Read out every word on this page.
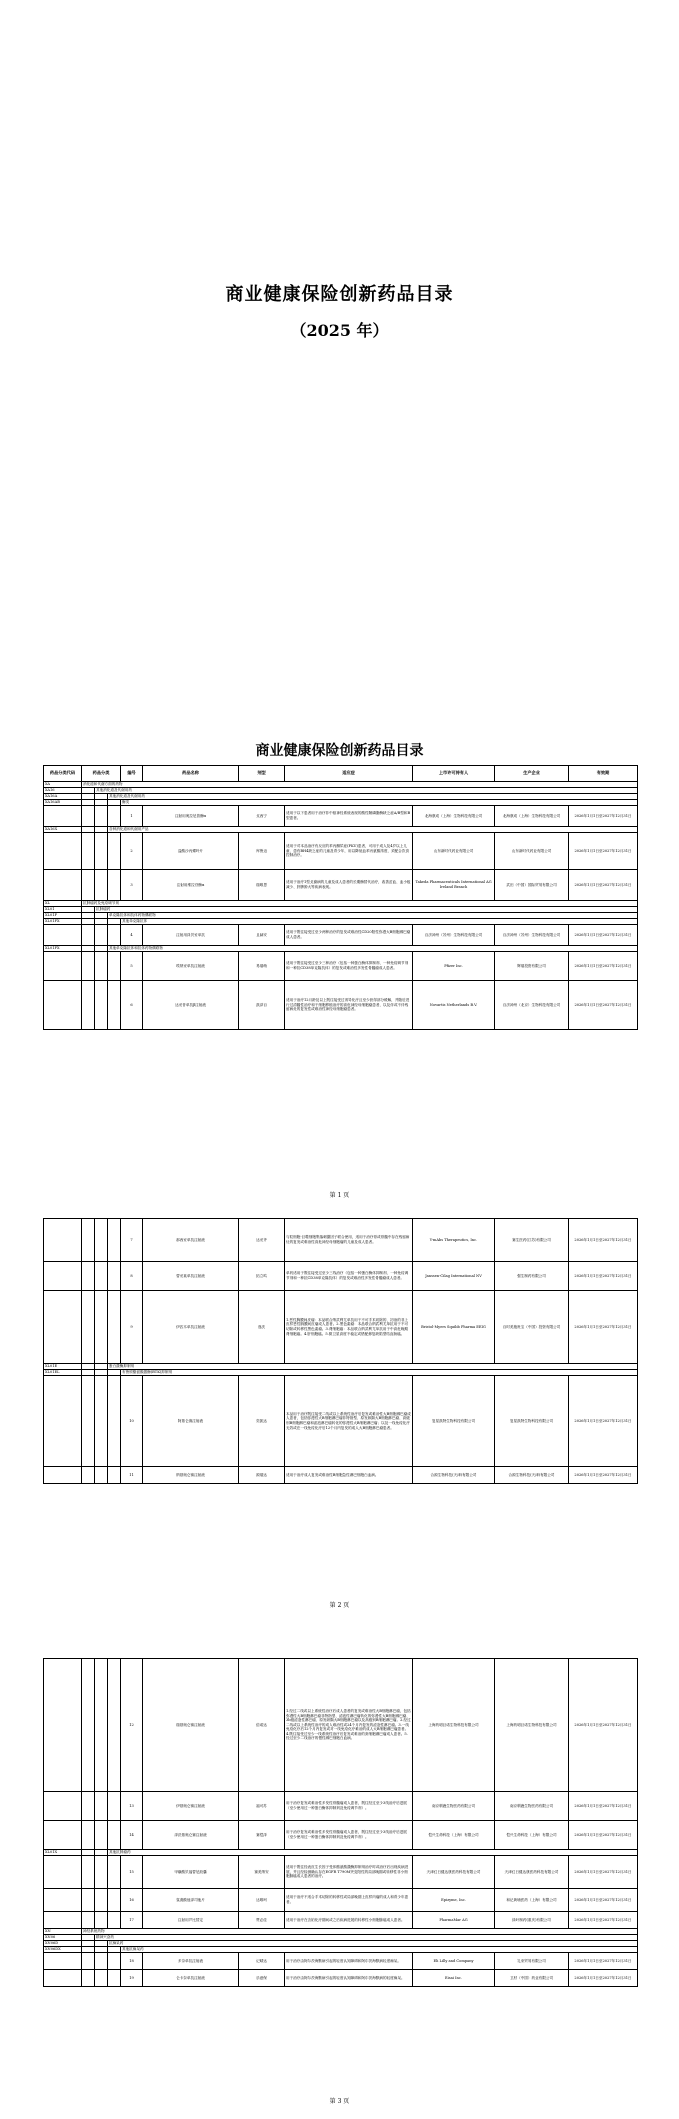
商业健康保险创新药品目录
（2025 年）
商业健康保险创新药品目录
药品分类代码	药品分类			编号	药品名称	剂型	适应症	上市许可持有人	生产企业	有效期
XA	消化道和代谢方面的药物									
XA16		其他消化道及代谢用药								
XA16A			其他消化道及代谢用药							
XA16AB				酶类						
				1	注射用奥拉尼普酶α	戈西宁	适用于以下患者用于治疗非中枢神经系统表现的酸性鞘磷脂酶缺乏症A/B型和B型患者。	北海康成（上海）生物科技有限公司	北海康成（上海）生物科技有限公司	2026年1月1日至2027年12月31日
XA16X			各种消化道和代谢用产品							
				2	盐酸沙丙蝶呤片	库鲁迈	适用于对本品治疗有反应的苯丙酮尿症(PKU)患者，可用于成人及4岁以上儿童、患有BH4缺乏症的儿童及青少年，用以降低血苯丙氨酸浓度，须配合饮食控制治疗。	山东新时代药业有限公司	山东新时代药业有限公司	2026年1月1日至2027年12月31日
				3	注射用维拉苷酶α	瑞唯思	适用于治疗1型戈谢病的儿童及成人患者的长期酶替代治疗，改善贫血、血小板减少、肝脾肿大等疾病表现。	Takeda Pharmaceuticals International AG Ireland Branch	武田（中国）国际贸易有限公司	2026年1月1日至2027年12月31日
XL	抗肿瘤药及免疫调节剂									
XL01		抗肿瘤药								
XL01F			单克隆抗体和抗体药物偶联物							
XL01FX				其他单克隆抗体						
				4	注射用泽贝妥单抗	且赫安	适用于既往接受过至少两种治疗的复发或难治性CD20阳性弥漫大B细胞淋巴瘤成人患者。	百济神州（苏州）生物科技有限公司	百济神州（苏州）生物科技有限公司	2026年1月1日至2027年12月31日
XL01FX			其他单克隆抗体和抗体药物偶联物							
				5	埃纳妥单抗注射液	易瑞萌	适用于既往接受过至少三种治疗（包括一种蛋白酶体抑制剂、一种免疫调节剂和一种抗CD38单克隆抗体）的复发或难治性多发性骨髓瘤成人患者。	Pfizer Inc.	辉瑞投资有限公司	2026年1月1日至2027年12月31日
				6	达妥昔单抗β注射液	凯泽百	适用于治疗12月龄及以上既往接受过诱导化疗且至少获得部分缓解，并随后进行过清髓性治疗和干细胞移植治疗的高危神经母细胞瘤患者，以及伴或不伴残留病灶的复发性或难治性神经母细胞瘤患者。	Novartis Netherlands B.V.	百济神州（北京）生物科技有限公司	2026年1月1日至2027年12月31日
第 1 页
				7	那西妥单抗注射液	达妥齐	与粒细胞-巨噬细胞集落刺激因子联合使用，适用于治疗骨或骨髓中存在残留病灶的复发或难治性高危神经母细胞瘤的儿童及成人患者。	Y-mAbs Therapeutics, Inc.	赛生医药(江苏)有限公司	2026年1月1日至2027年12月31日
				8	替妥莫单抗注射液	拓立鸣	单药适用于既往接受过至少三线治疗（包括一种蛋白酶体抑制剂、一种免疫调节剂和一种抗CD38单克隆抗体）的复发或难治性多发性骨髓瘤成人患者。	Janssen-Cilag International NV	强生制药有限公司	2026年1月1日至2027年12月31日
				9	伊匹木单抗注射液	逸沃	1.恶性胸膜间皮瘤：本品联合纳武利尤单抗用于不可手术切除的、初治的非上皮样恶性胸膜间皮瘤成人患者。2.黑色素瘤：本品联合纳武利尤单抗用于不可切除或转移性黑色素瘤。3.肾细胞癌：本品联合纳武利尤单抗用于中高危晚期肾细胞癌。4.肝细胞癌。5.微卫星高度不稳定或错配修复缺陷型结直肠癌。	Bristol-Myers Squibb Pharma EEIG	百时美施贵宝（中国）投资有限公司	2026年1月1日至2027年12月31日
XL01E			蛋白激酶抑制剂							
XL01EL				布鲁顿酪氨酸激酶(BTK)抑制剂						
				10	阿基仑赛注射液	奕凯达	本品用于治疗既往接受二线或以上系统性治疗后复发或难治性大B细胞淋巴瘤成人患者，包括弥漫性大B细胞淋巴瘤非特指型、原发纵隔大B细胞淋巴瘤、高级别B细胞淋巴瘤和滤泡淋巴瘤转化的弥漫性大B细胞淋巴瘤；以及一线免疫化疗无效或在一线免疫化疗后12个月内复发的成人大B细胞淋巴瘤患者。	复星凯特生物科技有限公司	复星凯特生物科技有限公司	2026年1月1日至2027年12月31日
				11	纳基奥仑赛注射液	源瑞达	适用于治疗成人复发或难治性B细胞急性淋巴细胞白血病。	合源生物科技(天津)有限公司	合源生物科技(天津)有限公司	2026年1月1日至2027年12月31日
第 2 页
				12	瑞基奥仑赛注射液	倍诺达	1.经过二线或以上系统性治疗后成人患者的复发或难治性大B细胞淋巴瘤，包括弥漫性大B细胞淋巴瘤非特指型、滤泡性淋巴瘤转化的弥漫性大B细胞淋巴瘤、3b级滤泡性淋巴瘤、原发纵隔大B细胞淋巴瘤以及高级别B细胞淋巴瘤。2.经过二线或以上系统性治疗的成人难治性或24个月内复发的滤泡性淋巴瘤。3.一线免疫化疗后12个月内复发或对一线免疫化疗难治的成人大B细胞淋巴瘤患者。4.既往接受过至少一线系统性治疗后复发或难治的套细胞淋巴瘤成人患者。5.经过至少二线治疗的慢性淋巴细胞白血病。	上海药明巨诺生物科技有限公司	上海药明巨诺生物科技有限公司	2026年1月1日至2027年12月31日
				13	伊基奥仑赛注射液	福可苏	用于治疗复发或难治性多发性骨髓瘤成人患者，既往经过至少3线治疗后进展（至少使用过一种蛋白酶体抑制剂及免疫调节剂）。	南京驯鹿生物医药有限公司	南京驯鹿生物医药有限公司	2026年1月1日至2027年12月31日
				14	泽沃基奥仑赛注射液	赛恺泽	用于治疗复发或难治性多发性骨髓瘤成人患者，既往经过至少3线治疗后进展（至少使用过一种蛋白酶体抑制剂及免疫调节剂）。	恺兴生命科技（上海）有限公司	恺兴生命科技（上海）有限公司	2026年1月1日至2027年12月31日
XL01X			其他抗肿瘤药							
				15	甲磺酸贝福替尼胶囊	赛美纳安	适用于既往经表皮生长因子受体酪氨酸激酶抑制剂治疗时或治疗后出现疾病进展，并且经检测确认存在EGFR T790M突变阳性的局部晚期或转移性非小细胞肺癌成人患者的治疗。	天津红日健达康医药科技有限公司	天津红日健达康医药科技有限公司	2026年1月1日至2027年12月31日
				16	氢溴酸他泽司他片	达唯珂	适用于治疗不适合手术切除的转移性或局部晚期上皮样肉瘤的成人和青少年患者。	Epizyme, Inc.	和记黄埔医药（上海）有限公司	2026年1月1日至2027年12月31日
				17	注射用芦比替定	赞必佳	适用于治疗在含铂化疗期间或之后疾病进展的转移性小细胞肺癌成人患者。	PharmaMar AG	绿叶制药(重庆)有限公司	2026年1月1日至2027年12月31日
XN	神经系统药物									
XN06		精神兴奋药								
XN06D			抗痴呆药							
XN06DX				其他抗痴呆药						
				18	多奈单抗注射液	记晴达	用于治疗由阿尔茨海默病引起的轻度认知障碍和阿尔茨海默病轻度痴呆。	Eli Lilly and Company	礼来贸易有限公司	2026年1月1日至2027年12月31日
				19	仑卡奈单抗注射液	乐意保	用于治疗由阿尔茨海默病引起的轻度认知障碍和阿尔茨海默病的轻度痴呆。	Eisai Inc.	卫材（中国）药业有限公司	2026年1月1日至2027年12月31日
第 3 页
